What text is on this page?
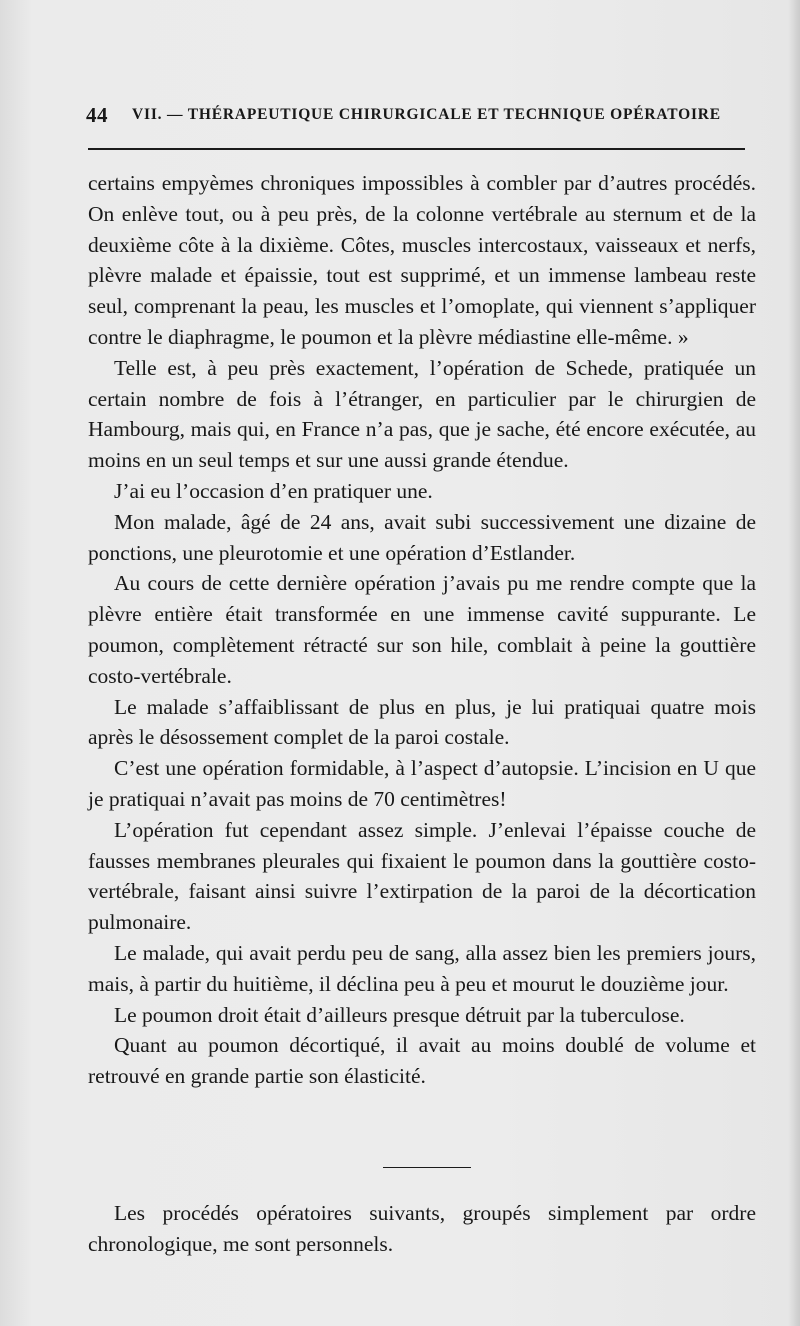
44 VII. — THÉRAPEUTIQUE CHIRURGICALE ET TECHNIQUE OPÉRATOIRE

certains empyèmes chroniques impossibles à combler par d’autres procédés. On enlève tout, ou à peu près, de la colonne vertébrale au sternum et de la deuxième côte à la dixième. Côtes, muscles intercostaux, vaisseaux et nerfs, plèvre malade et épaissie, tout est supprimé, et un immense lambeau reste seul, comprenant la peau, les muscles et l’omoplate, qui viennent s’appliquer contre le diaphragme, le poumon et la plèvre médiastine elle-même. »

Telle est, à peu près exactement, l’opération de Schede, pratiquée un certain nombre de fois à l’étranger, en particulier par le chirurgien de Hambourg, mais qui, en France n’a pas, que je sache, été encore exécutée, au moins en un seul temps et sur une aussi grande étendue.

J’ai eu l’occasion d’en pratiquer une.

Mon malade, âgé de 24 ans, avait subi successivement une dizaine de ponctions, une pleurotomie et une opération d’Estlander.

Au cours de cette dernière opération j’avais pu me rendre compte que la plèvre entière était transformée en une immense cavité suppurante. Le poumon, complètement rétracté sur son hile, comblait à peine la gouttière costo-vertébrale.

Le malade s’affaiblissant de plus en plus, je lui pratiquai quatre mois après le désossement complet de la paroi costale.

C’est une opération formidable, à l’aspect d’autopsie. L’incision en U que je pratiquai n’avait pas moins de 70 centimètres!

L’opération fut cependant assez simple. J’enlevai l’épaisse couche de fausses membranes pleurales qui fixaient le poumon dans la gouttière costo-vertébrale, faisant ainsi suivre l’extirpation de la paroi de la décortication pulmonaire.

Le malade, qui avait perdu peu de sang, alla assez bien les premiers jours, mais, à partir du huitième, il déclina peu à peu et mourut le douzième jour.

Le poumon droit était d’ailleurs presque détruit par la tuberculose.

Quant au poumon décortiqué, il avait au moins doublé de volume et retrouvé en grande partie son élasticité.

Les procédés opératoires suivants, groupés simplement par ordre chronologique, me sont personnels.
